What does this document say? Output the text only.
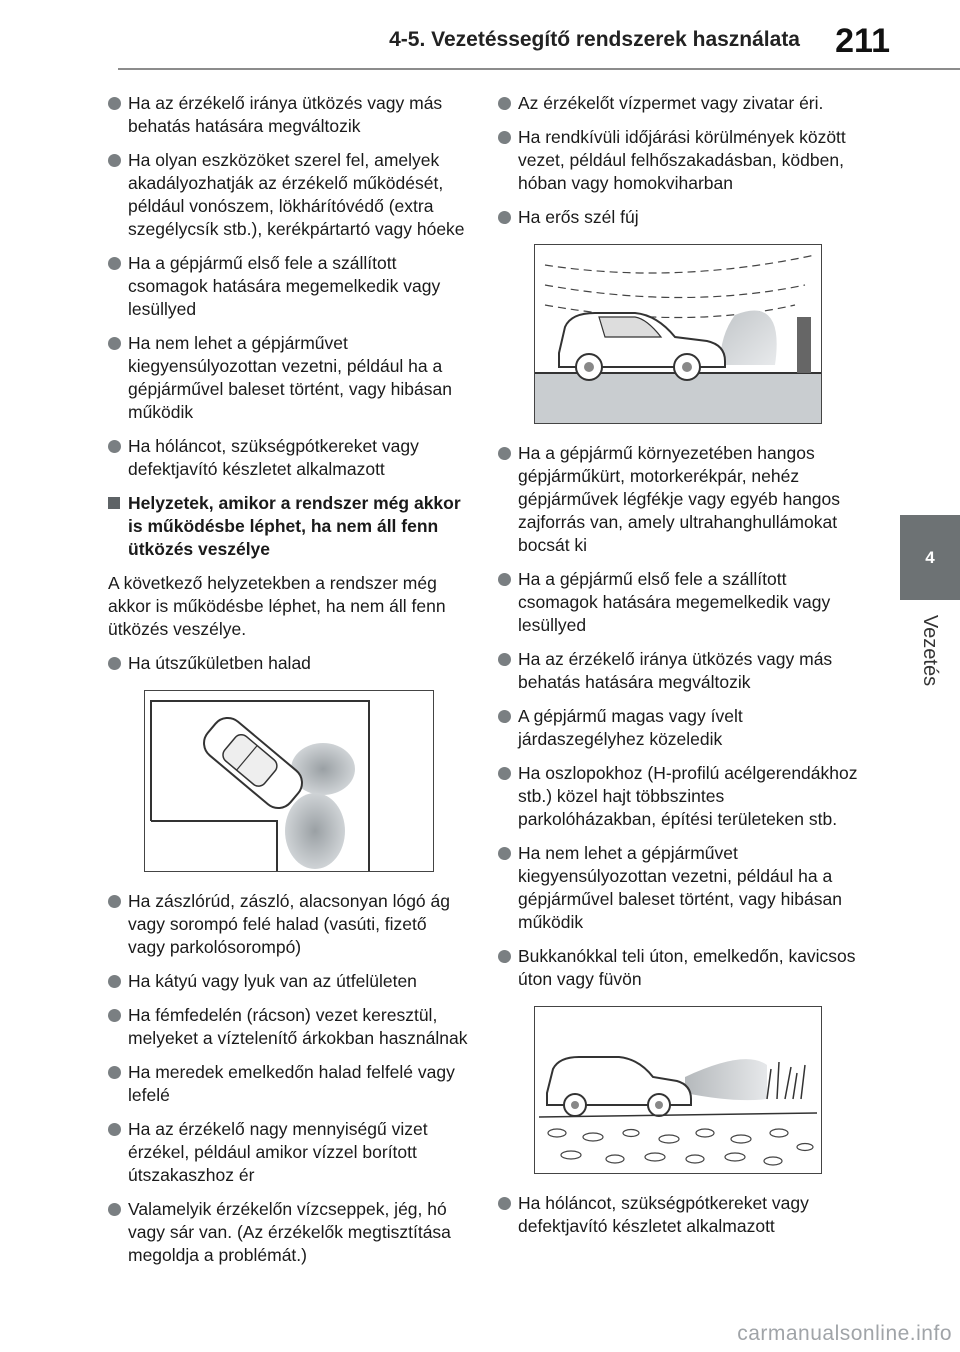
4-5. Vezetéssegítő rendszerek használata 211
4
Vezetés
Ha az érzékelő iránya ütközés vagy más behatás hatására megváltozik
Ha olyan eszközöket szerel fel, amelyek akadályozhatják az érzékelő működését, például vonószem, lökhárítóvédő (extra szegélycsík stb.), kerékpártartó vagy hóeke
Ha a gépjármű első fele a szállított csomagok hatására megemelkedik vagy lesüllyed
Ha nem lehet a gépjárművet kiegyensúlyozottan vezetni, például ha a gépjárművel baleset történt, vagy hibásan működik
Ha hóláncot, szükségpótkereket vagy defektjavító készletet alkalmazott
Helyzetek, amikor a rendszer még akkor is működésbe léphet, ha nem áll fenn ütközés veszélye
A következő helyzetekben a rendszer még akkor is működésbe léphet, ha nem áll fenn ütközés veszélye.
Ha útszűkületben halad
Ha zászlórúd, zászló, alacsonyan lógó ág vagy sorompó felé halad (vasúti, fizető vagy parkolósorompó)
Ha kátyú vagy lyuk van az útfelületen
Ha fémfedelén (rácson) vezet keresztül, melyeket a víztelenítő árkokban használnak
Ha meredek emelkedőn halad felfelé vagy lefelé
Ha az érzékelő nagy mennyiségű vizet érzékel, például amikor vízzel borított útszakaszhoz ér
Valamelyik érzékelőn vízcseppek, jég, hó vagy sár van. (Az érzékelők megtisztítása megoldja a problémát.)
Az érzékelőt vízpermet vagy zivatar éri.
Ha rendkívüli időjárási körülmények között vezet, például felhőszakadásban, ködben, hóban vagy homokviharban
Ha erős szél fúj
Ha a gépjármű környezetében hangos gépjárműkürt, motorkerékpár, nehéz gépjárművek légfékje vagy egyéb hangos zajforrás van, amely ultrahanghullámokat bocsát ki
Ha a gépjármű első fele a szállított csomagok hatására megemelkedik vagy lesüllyed
Ha az érzékelő iránya ütközés vagy más behatás hatására megváltozik
A gépjármű magas vagy ívelt járdaszegélyhez közeledik
Ha oszlopokhoz (H-profilú acélgerendákhoz stb.) közel hajt többszintes parkolóházakban, építési területeken stb.
Ha nem lehet a gépjárművet kiegyensúlyozottan vezetni, például ha a gépjárművel baleset történt, vagy hibásan működik
Bukkanókkal teli úton, emelkedőn, kavicsos úton vagy füvön
Ha hóláncot, szükségpótkereket vagy defektjavító készletet alkalmazott
carmanualsonline.info
